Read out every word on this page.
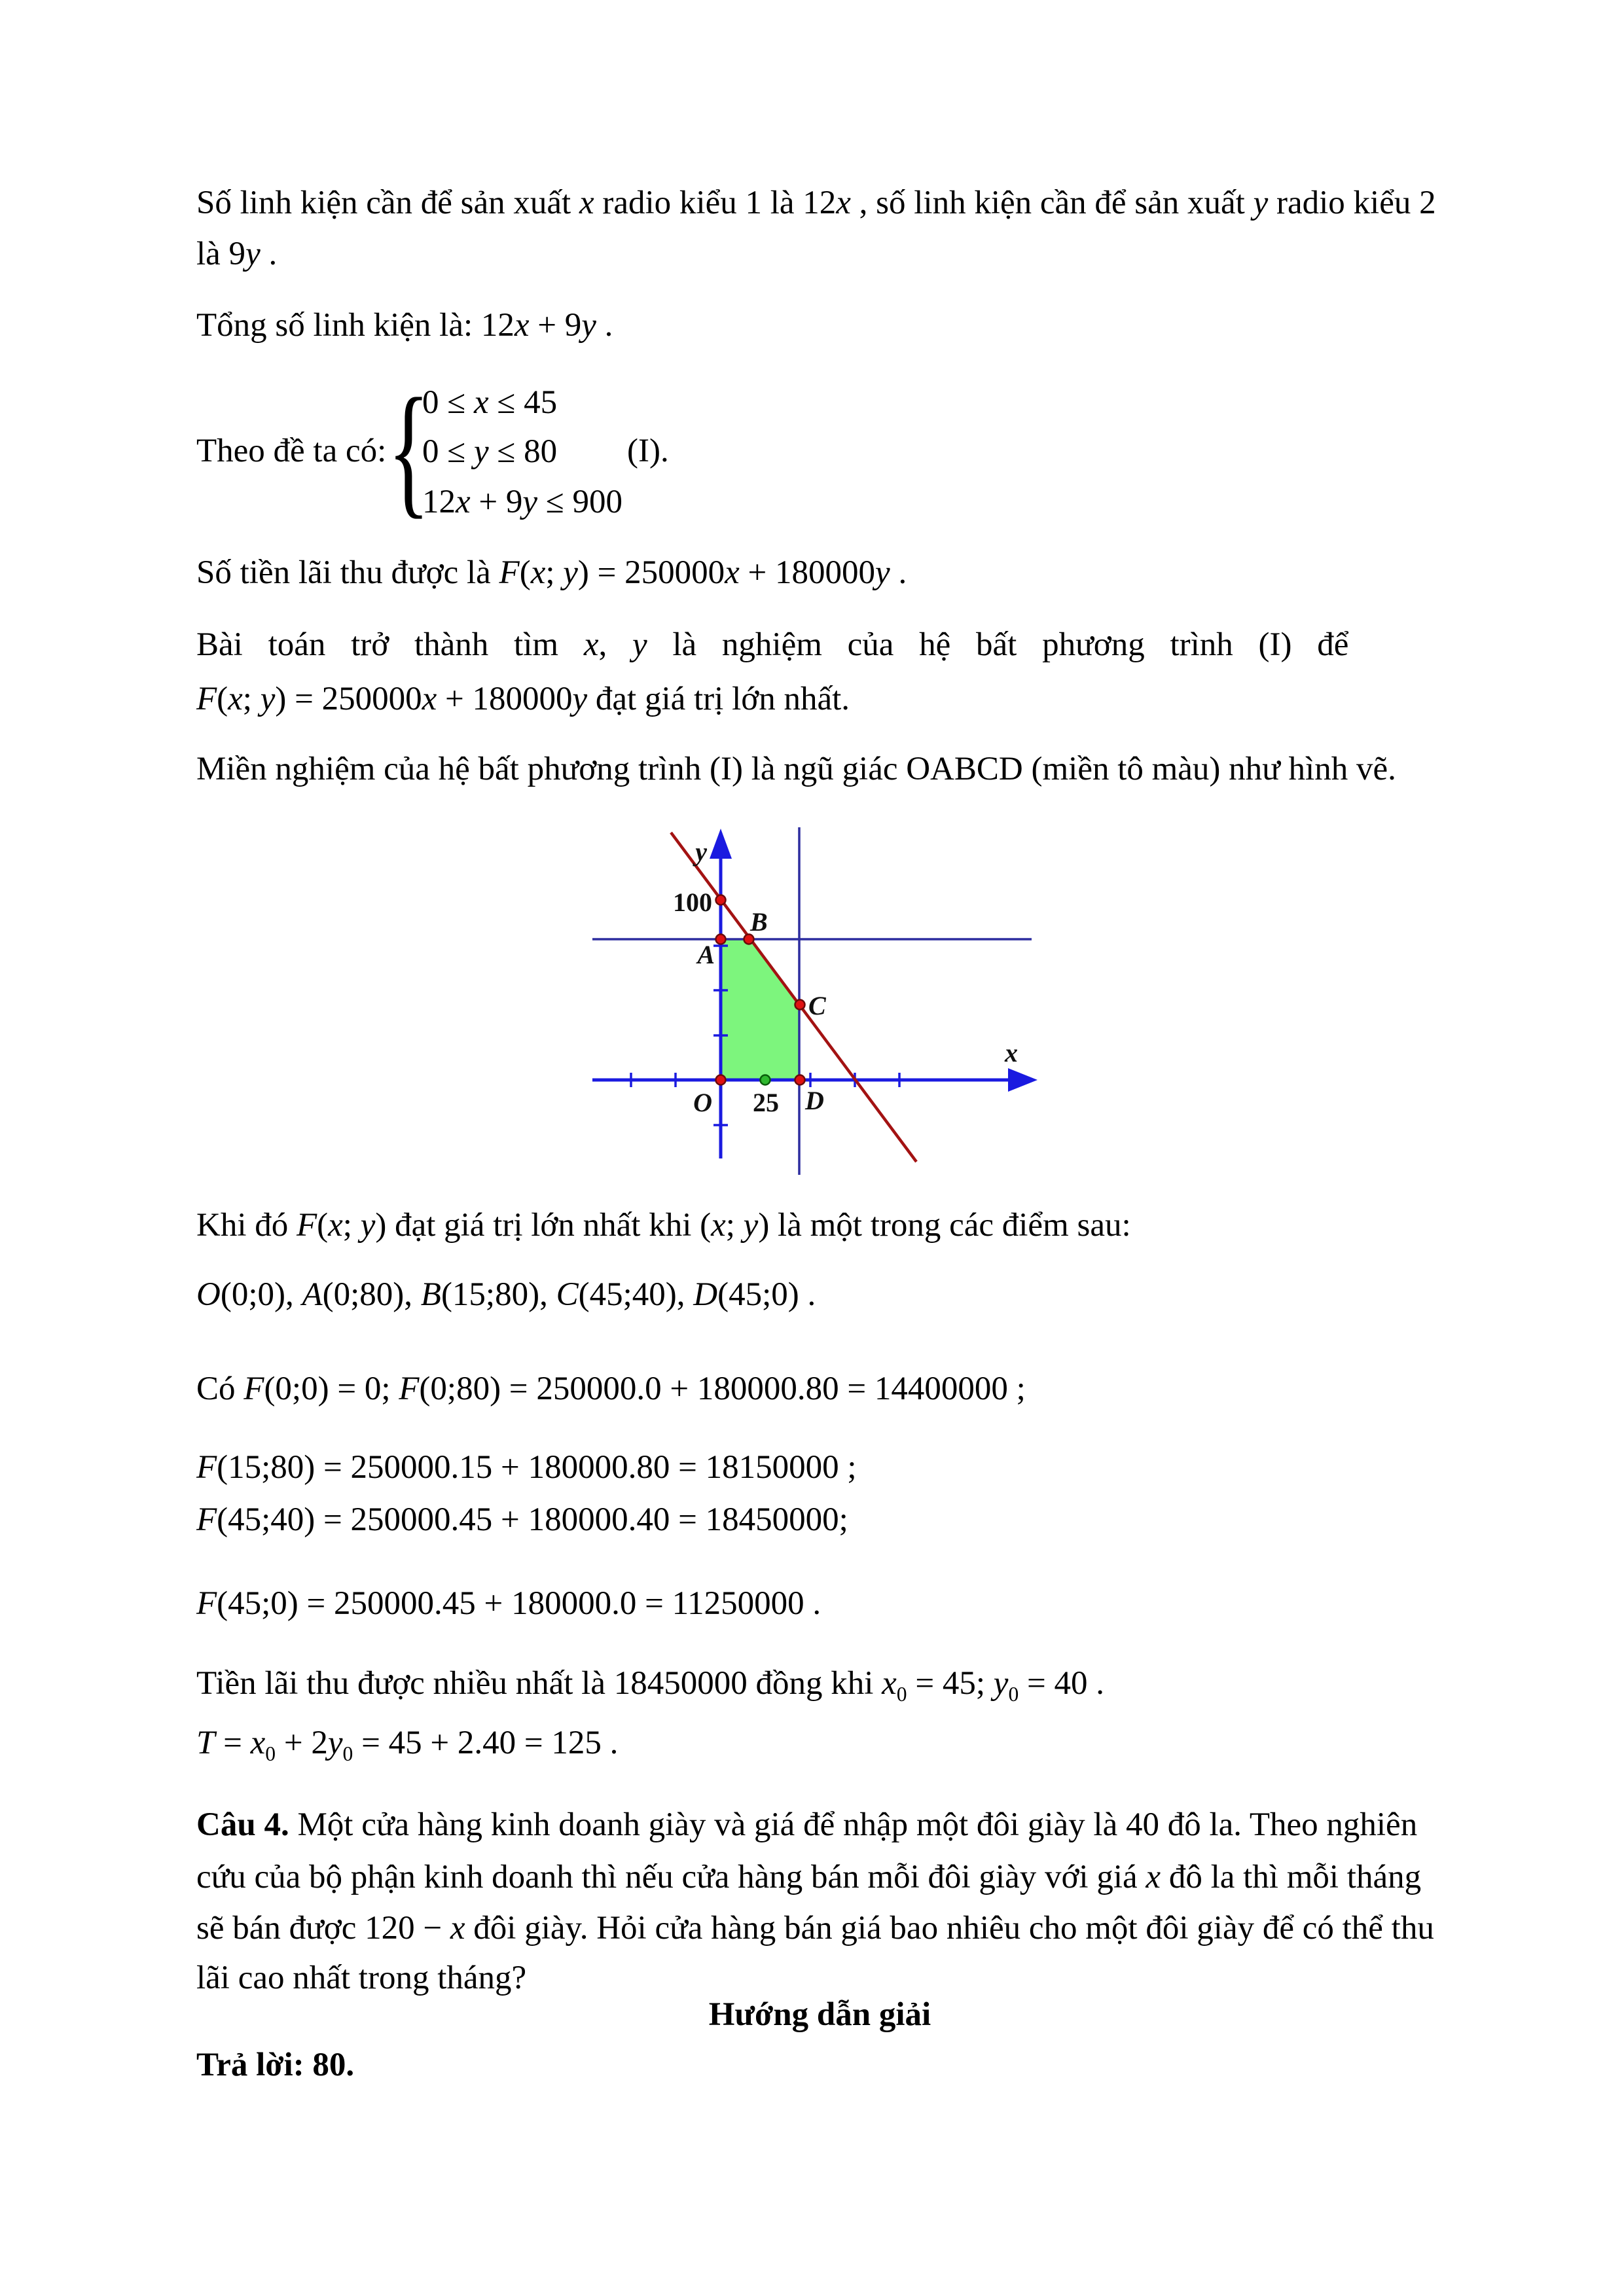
Số linh kiện cần để sản xuất x radio kiểu 1 là 12x , số linh kiện cần để sản xuất y radio kiểu 2
là 9y .
Tổng số linh kiện là: 12x + 9y .
Theo đề ta có: {
0 ≤ x ≤ 45
0 ≤ y ≤ 80
12x + 9y ≤ 900
(I).
Số tiền lãi thu được là F(x; y) = 250000x + 180000y .
Bài toán trở thành tìm x, y là nghiệm của hệ bất phương trình (I) để
F(x; y) = 250000x + 180000y đạt giá trị lớn nhất.
Miền nghiệm của hệ bất phương trình (I) là ngũ giác OABCD (miền tô màu) như hình vẽ.
y
x
100
B
A
C
O 25 D
Khi đó F(x; y) đạt giá trị lớn nhất khi (x; y) là một trong các điểm sau:
O(0;0), A(0;80), B(15;80), C(45;40), D(45;0) .
Có F(0;0) = 0; F(0;80) = 250000.0 + 180000.80 = 14400000 ;
F(15;80) = 250000.15 + 180000.80 = 18150000 ;
F(45;40) = 250000.45 + 180000.40 = 18450000;
F(45;0) = 250000.45 + 180000.0 = 11250000 .
Tiền lãi thu được nhiều nhất là 18450000 đồng khi $x_0 = 45$; $y_0 = 40$ .
$T = x_0 + 2y_0 = 45 + 2.40 = 125$ .
Câu 4. Một cửa hàng kinh doanh giày và giá để nhập một đôi giày là 40 đô la. Theo nghiên
cứu của bộ phận kinh doanh thì nếu cửa hàng bán mỗi đôi giày với giá x đô la thì mỗi tháng
sẽ bán được 120 − x đôi giày. Hỏi cửa hàng bán giá bao nhiêu cho một đôi giày để có thể thu
lãi cao nhất trong tháng?
Hướng dẫn giải
Trả lời: 80.
